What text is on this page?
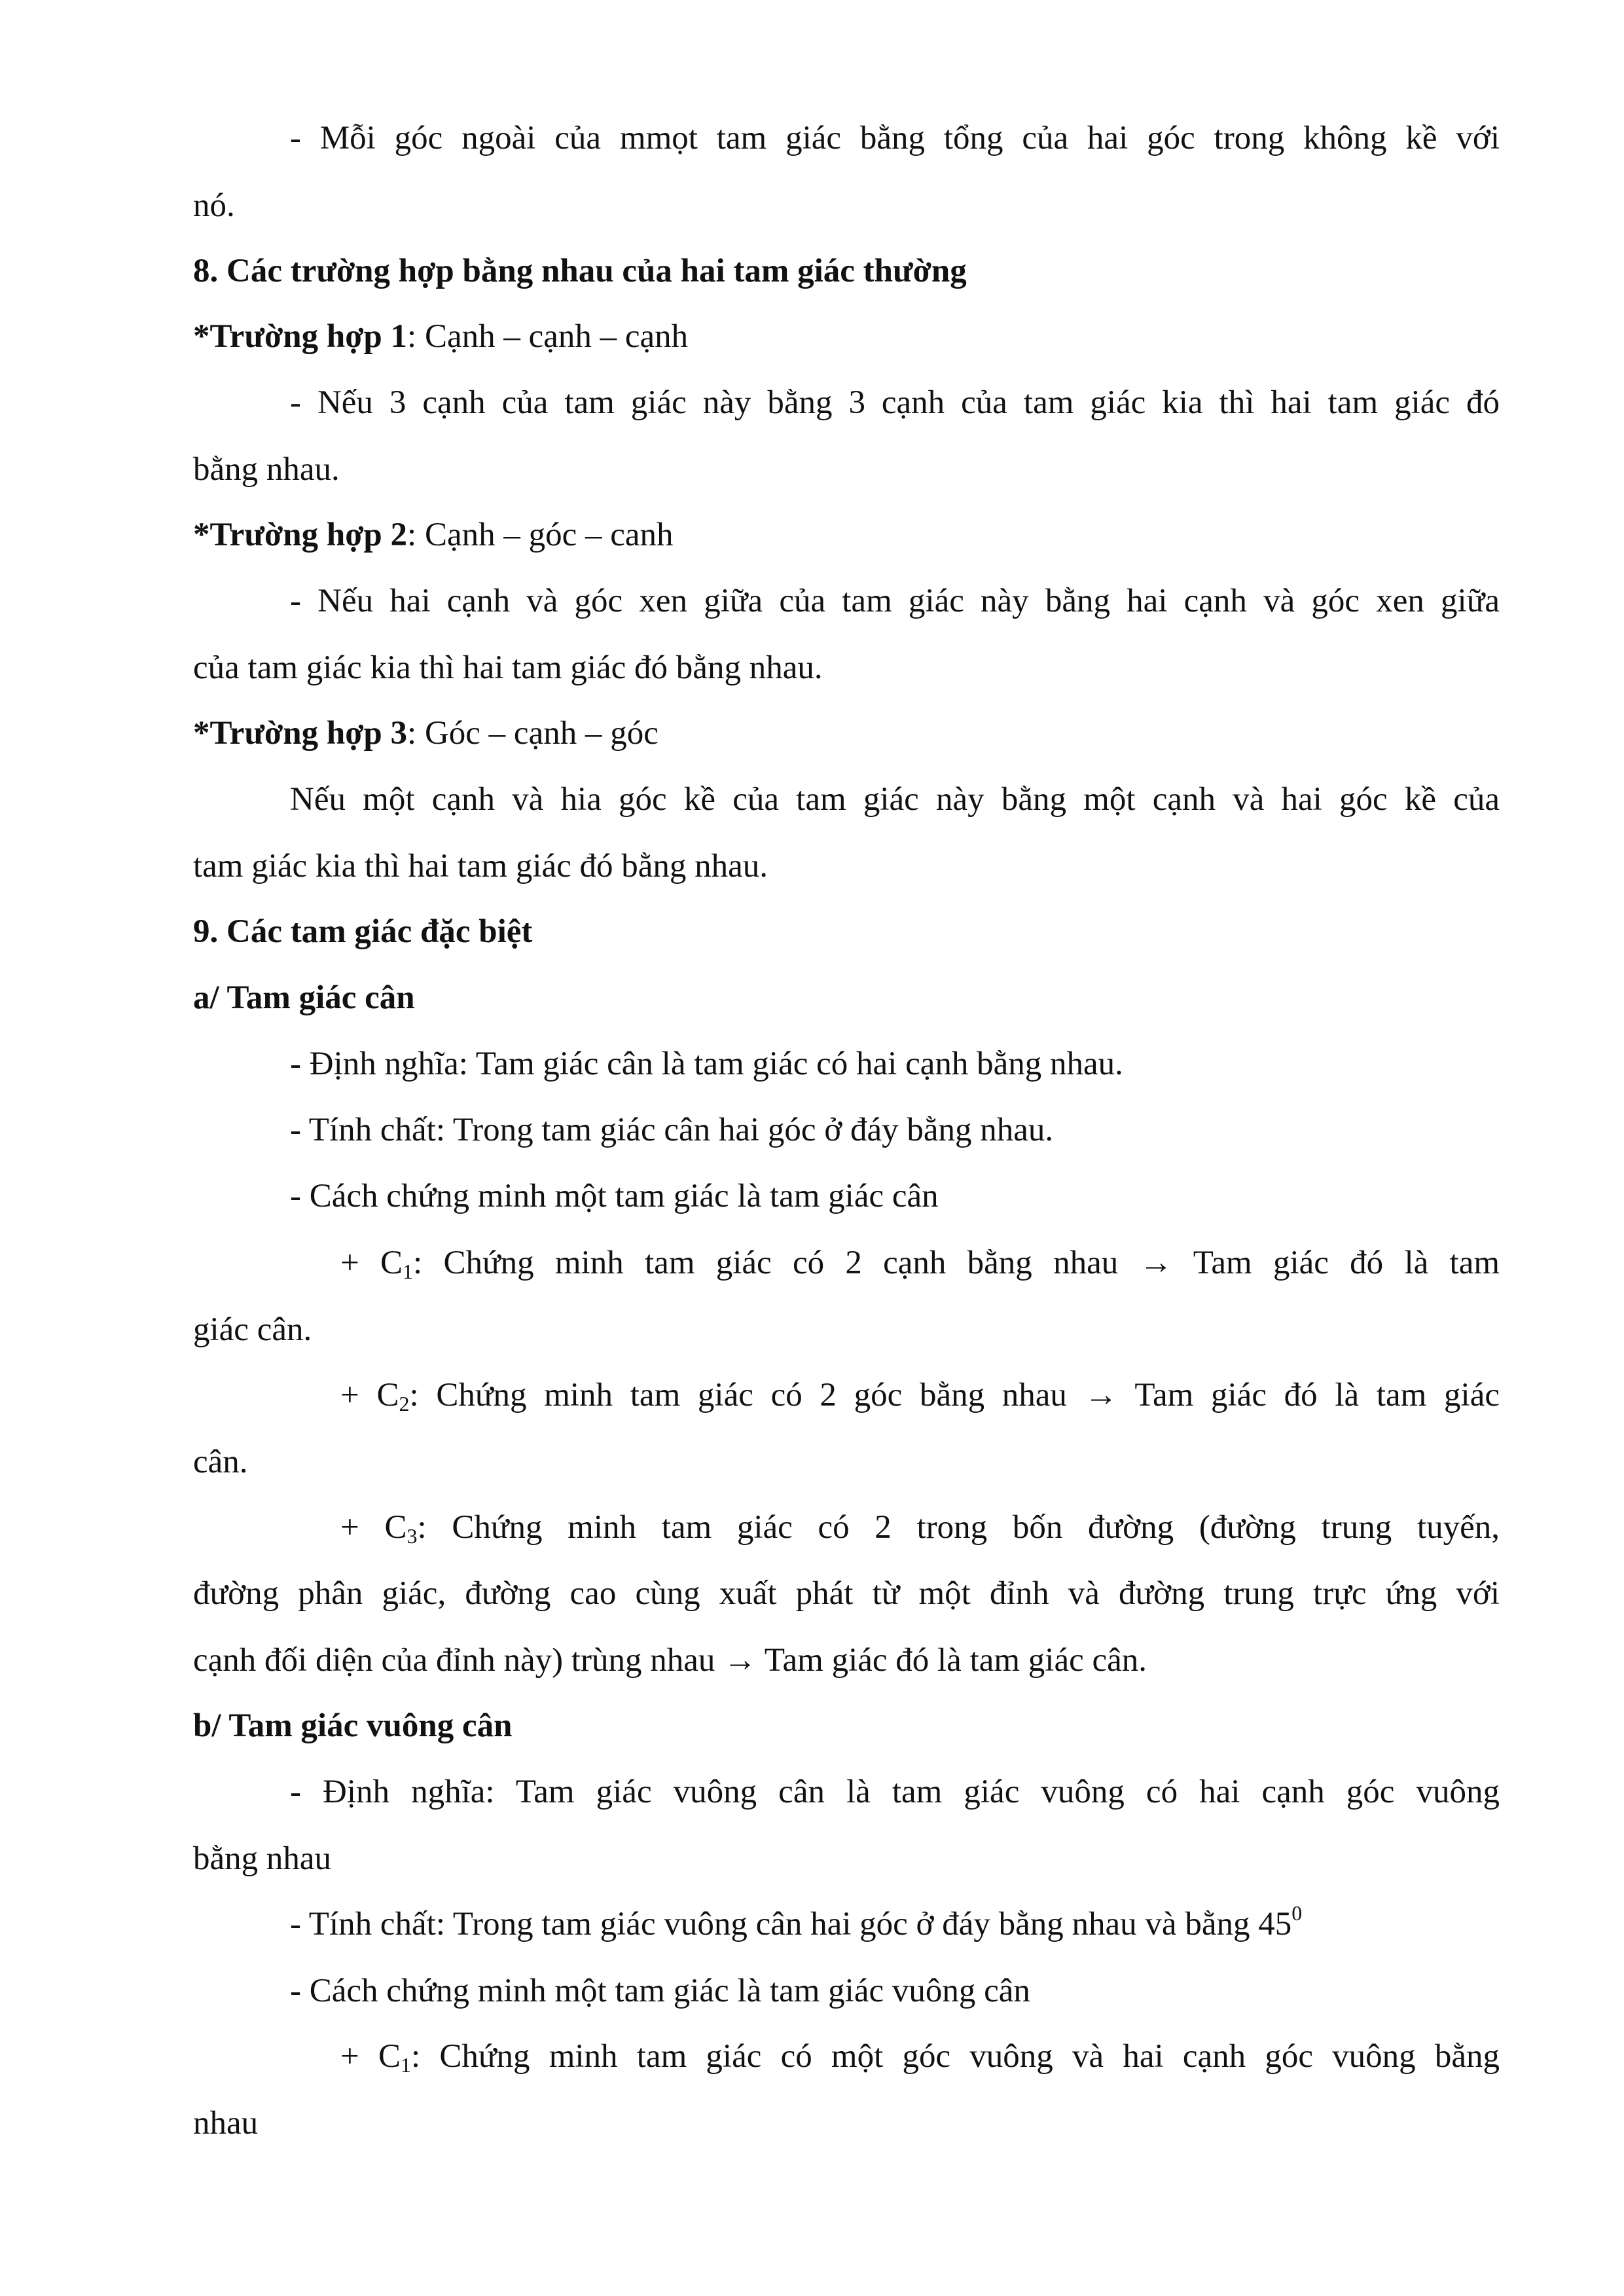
- Mỗi góc ngoài của mmọt tam giác bằng tổng của hai góc trong không kề với

nó.

8. Các trường hợp bằng nhau của hai tam giác thường

*Trường hợp 1: Cạnh – cạnh – cạnh

- Nếu 3 cạnh của tam giác này bằng 3 cạnh của tam giác kia thì hai tam giác đó

bằng nhau.

*Trường hợp 2: Cạnh – góc – canh

- Nếu hai cạnh và góc xen giữa của tam giác này bằng hai cạnh và góc xen giữa

của tam giác kia thì hai tam giác đó bằng nhau.

*Trường hợp 3: Góc – cạnh – góc

Nếu một cạnh và hia góc kề của tam giác này bằng một cạnh và hai góc kề của

tam giác kia thì hai tam giác đó bằng nhau.

9. Các tam giác đặc biệt

a/ Tam giác cân

- Định nghĩa: Tam giác cân là tam giác có hai cạnh bằng nhau.

- Tính chất: Trong tam giác cân hai góc ở đáy bằng nhau.

- Cách chứng minh một tam giác là tam giác cân

+ $C_1$: Chứng minh tam giác có 2 cạnh bằng nhau → Tam giác đó là tam

giác cân.

+ $C_2$: Chứng minh tam giác có 2 góc bằng nhau → Tam giác đó là tam giác

cân.

+ $C_3$: Chứng minh tam giác có 2 trong bốn đường (đường trung tuyến,

đường phân giác, đường cao cùng xuất phát từ một đỉnh và đường trung trực ứng với

cạnh đối diện của đỉnh này) trùng nhau → Tam giác đó là tam giác cân.

b/ Tam giác vuông cân

- Định nghĩa: Tam giác vuông cân là tam giác vuông có hai cạnh góc vuông

bằng nhau

- Tính chất: Trong tam giác vuông cân hai góc ở đáy bằng nhau và bằng $45^0$

- Cách chứng minh một tam giác là tam giác vuông cân

+ $C_1$: Chứng minh tam giác có một góc vuông và hai cạnh góc vuông bằng

nhau
